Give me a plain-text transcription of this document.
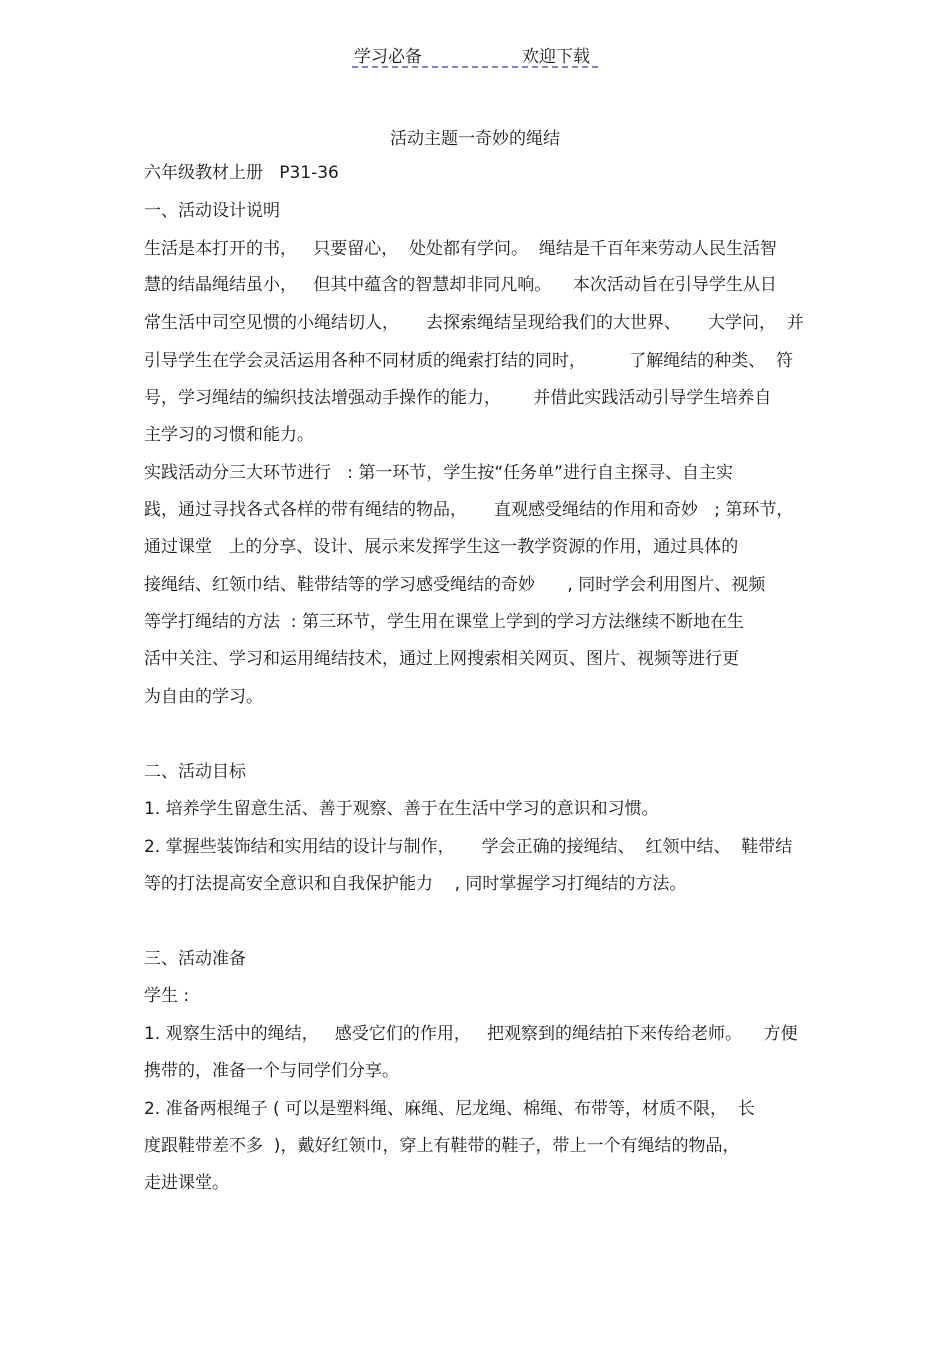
学习必备	欢迎下载
活动主题一奇妙的绳结
六年级教材上册   P31-36
一、活动设计说明
生活是本打开的书，   只要留心，  处处都有学问。  绳结是千百年来劳动人民生活智
慧的结晶绳结虽小，   但其中蕴含的智慧却非同凡响。    本次活动旨在引导学生从日
常生活中司空见惯的小绳结切人，     去探索绳结呈现给我们的大世界、     大学问，  并
引导学生在学会灵活运用各种不同材质的绳索打结的同时，        了解绳结的种类、  符
号，学习绳结的编织技法增强动手操作的能力，      并借此实践活动引导学生培养自
主学习的习惯和能力。
实践活动分三大环节进行   : 第一环节，学生按“任务单”进行自主探寻、自主实
践，通过寻找各式各样的带有绳结的物品，     直观感受绳结的作用和奇妙   ; 第环节，
通过课堂   上的分享、设计、展示来发挥学生这一教学资源的作用，通过具体的
接绳结、红领巾结、鞋带结等的学习感受绳结的奇妙      , 同时学会利用图片、视频
等学打绳结的方法  : 第三环节，学生用在课堂上学到的学习方法继续不断地在生
活中关注、学习和运用绳结技术，通过上网搜索相关网页、图片、视频等进行更
为自由的学习。
二、活动目标
1. 培养学生留意生活、善于观察、善于在生活中学习的意识和习惯。
2. 掌握些装饰结和实用结的设计与制作，     学会正确的接绳结、  红领中结、  鞋带结
等的打法提高安全意识和自我保护能力    , 同时掌握学习打绳结的方法。
三、活动准备
学生 :
1. 观察生活中的绳结，   感受它们的作用，   把观察到的绳结拍下来传给老师。    方便
携带的，准备一个与同学们分享。
2. 准备两根绳子 ( 可以是塑料绳、麻绳、尼龙绳、棉绳、布带等，材质不限，  长
度跟鞋带差不多  )，戴好红领巾，穿上有鞋带的鞋子，带上一个有绳结的物品，
走进课堂。
